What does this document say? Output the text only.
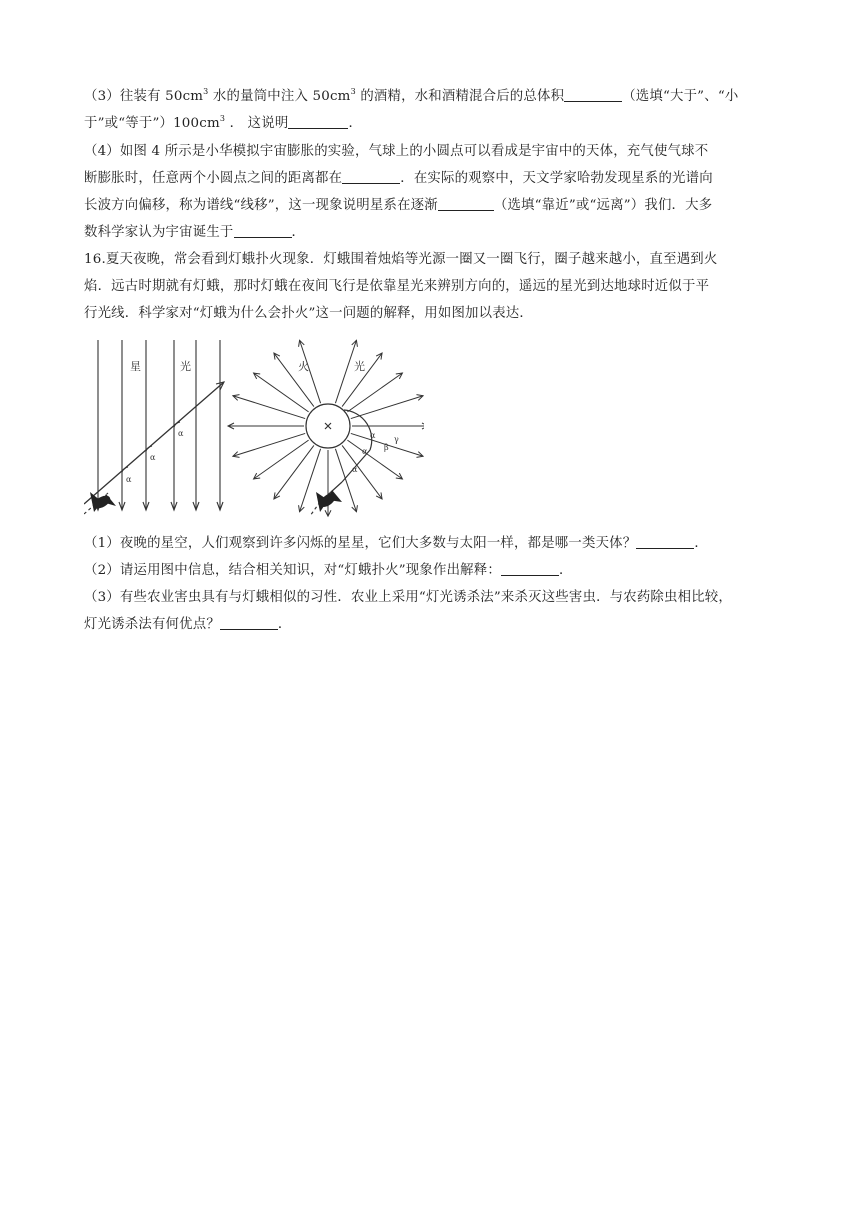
（3）往装有 $50cm^3$ 水的量筒中注入 $50cm^3$ 的酒精，水和酒精混合后的总体积	（选填“大于”、“小
于”或“等于$”)100cm^3$ ． 这说明	．
（4）如图 4 所示是小华模拟宇宙膨胀的实验，气球上的小圆点可以看成是宇宙中的天体，充气使气球不
断膨胀时，任意两个小圆点之间的距离都在	．在实际的观察中，天文学家哈勃发现星系的光谱向
长波方向偏移，称为谱线“线移”，这一现象说明星系在逐渐	（选填“靠近”或“远离”）我们．大多
数科学家认为宇宙诞生于	．
16.夏天夜晚，常会看到灯蛾扑火现象．灯蛾围着烛焰等光源一圈又一圈飞行，圈子越来越小，直至遇到火
焰．远古时期就有灯蛾，那时灯蛾在夜间飞行是依靠星光来辨别方向的，遥远的星光到达地球时近似于平
行光线．科学家对“灯蛾为什么会扑火”这一问题的解释，用如图加以表达．
星	光
α
α
α
火	光
α
α β
γ
α
（1）夜晚的星空，人们观察到许多闪烁的星星，它们大多数与太阳一样，都是哪一类天体？	．
（2）请运用图中信息，结合相关知识，对“灯蛾扑火”现象作出解释：	．
（3）有些农业害虫具有与灯蛾相似的习性．农业上采用“灯光诱杀法”来杀灭这些害虫．与农药除虫相比较，
灯光诱杀法有何优点？	．
